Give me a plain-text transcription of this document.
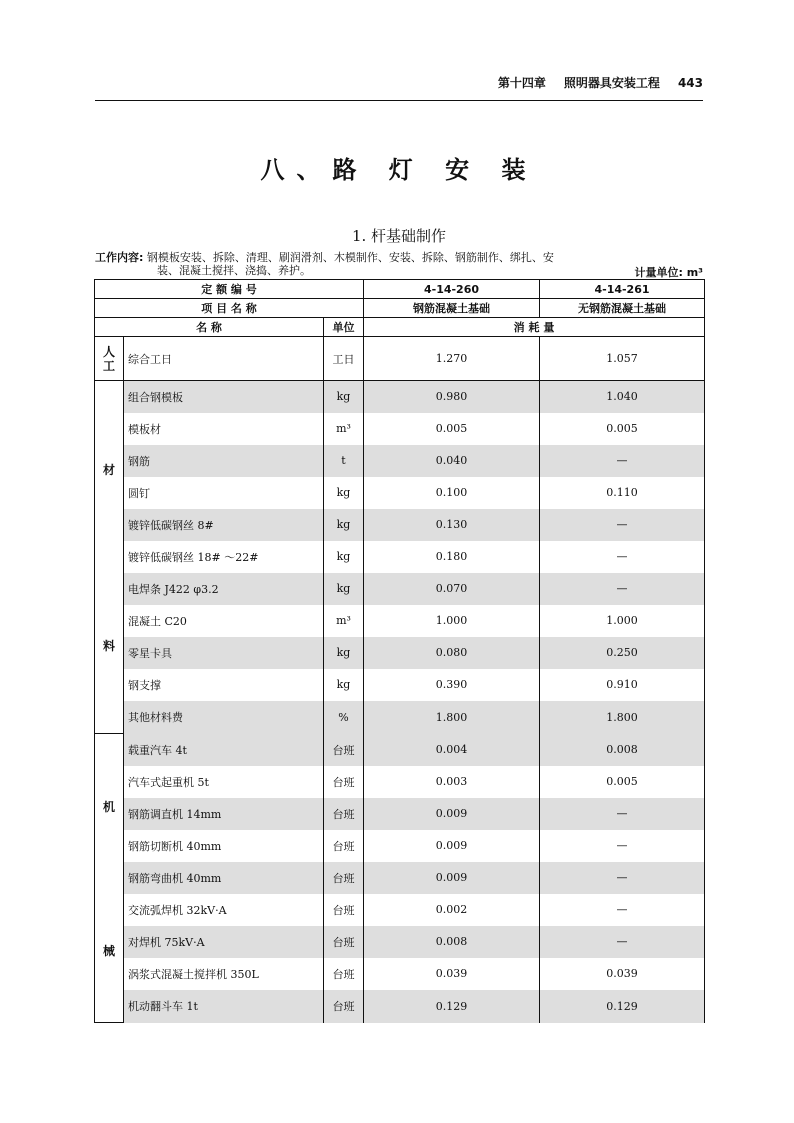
第十四章 照明器具安装工程 443
八、路 灯 安 装
1. 杆基础制作
工作内容: 钢模板安装、拆除、清理、刷润滑剂、木模制作、安装、拆除、钢筋制作、绑扎、安
装、混凝土搅拌、浇捣、养护。	计量单位: m³
定 额 编 号			4-14-260	4-14-261
项 目 名 称			钢筋混凝土基础	无钢筋混凝土基础
名 称		单位	消 耗 量	

人
工	综合工日	工日	1.270	1.057

材
料	组合钢模板	kg	0.980	1.040
	模板材	m³	0.005	0.005
	钢筋	t	0.040	—
	圆钉	kg	0.100	0.110
	镀锌低碳钢丝 8#	kg	0.130	—
	镀锌低碳钢丝 18# ～22#	kg	0.180	—
	电焊条 J422 φ3.2	kg	0.070	—
	混凝土 C20	m³	1.000	1.000
	零星卡具	kg	0.080	0.250
	钢支撑	kg	0.390	0.910
	其他材料费	%	1.800	1.800

机
械	载重汽车 4t	台班	0.004	0.008
	汽车式起重机 5t	台班	0.003	0.005
	钢筋调直机 14mm	台班	0.009	—
	钢筋切断机 40mm	台班	0.009	—
	钢筋弯曲机 40mm	台班	0.009	—
	交流弧焊机 32kV·A	台班	0.002	—
	对焊机 75kV·A	台班	0.008	—
	涡浆式混凝土搅拌机 350L	台班	0.039	0.039
	机动翻斗车 1t	台班	0.129	0.129
